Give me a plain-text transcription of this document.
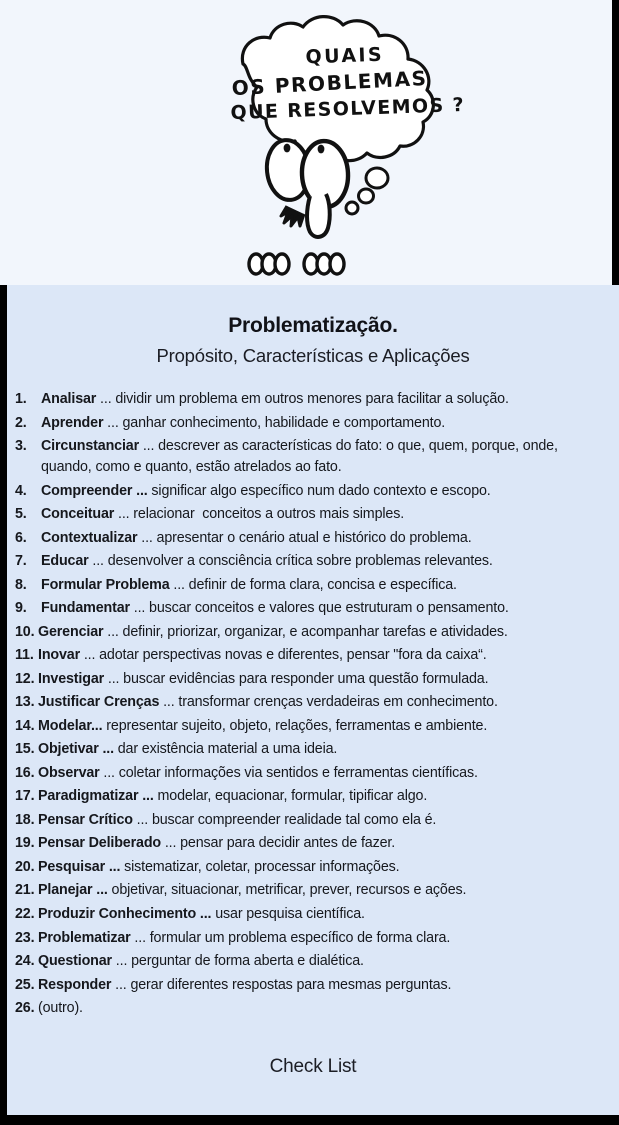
QUAIS
OS PROBLEMAS
QUE RESOLVEMOS ?
Problematização.
Propósito, Características e Aplicações
1.	Analisar ... dividir um problema em outros menores para facilitar a solução.
2.	Aprender ... ganhar conhecimento, habilidade e comportamento.
3.	Circunstanciar ... descrever as características do fato: o que, quem, porque, onde, quando, como e quanto, estão atrelados ao fato.
4.	Compreender ... significar algo específico num dado contexto e escopo.
5.	Conceituar ... relacionar  conceitos a outros mais simples.
6.	Contextualizar ... apresentar o cenário atual e histórico do problema.
7.	Educar ... desenvolver a consciência crítica sobre problemas relevantes.
8.	Formular Problema ... definir de forma clara, concisa e específica.
9.	Fundamentar ... buscar conceitos e valores que estruturam o pensamento.
10. Gerenciar ... definir, priorizar, organizar, e acompanhar tarefas e atividades.
11. Inovar ... adotar perspectivas novas e diferentes, pensar "fora da caixa“.
12. Investigar ... buscar evidências para responder uma questão formulada.
13. Justificar Crenças ... transformar crenças verdadeiras em conhecimento.
14. Modelar... representar sujeito, objeto, relações, ferramentas e ambiente.
15. Objetivar ... dar existência material a uma ideia.
16. Observar ... coletar informações via sentidos e ferramentas científicas.
17. Paradigmatizar ... modelar, equacionar, formular, tipificar algo.
18. Pensar Crítico ... buscar compreender realidade tal como ela é.
19. Pensar Deliberado ... pensar para decidir antes de fazer.
20. Pesquisar ... sistematizar, coletar, processar informações.
21. Planejar ... objetivar, situacionar, metrificar, prever, recursos e ações.
22. Produzir Conhecimento ... usar pesquisa científica.
23. Problematizar ... formular um problema específico de forma clara.
24. Questionar ... perguntar de forma aberta e dialética.
25. Responder ... gerar diferentes respostas para mesmas perguntas.
26. (outro).
Check List
